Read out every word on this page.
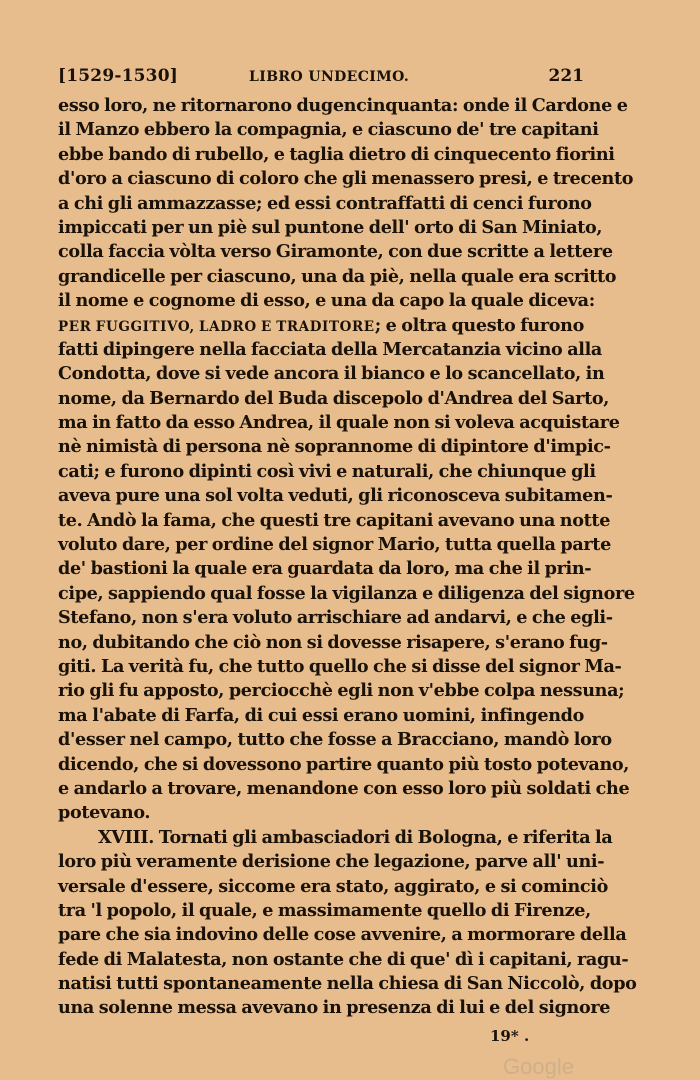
[1529-1530]	LIBRO UNDECIMO.	221
esso loro, ne ritornarono dugencinquanta: onde il Cardone e
il Manzo ebbero la compagnia, e ciascuno de' tre capitani
ebbe bando di rubello, e taglia dietro di cinquecento fiorini
d'oro a ciascuno di coloro che gli menassero presi, e trecento
a chi gli ammazzasse; ed essi contraffatti di cenci furono
impiccati per un piè sul puntone dell' orto di San Miniato,
colla faccia vòlta verso Giramonte, con due scritte a lettere
grandicelle per ciascuno, una da piè, nella quale era scritto
il nome e cognome di esso, e una da capo la quale diceva:
PER FUGGITIVO, LADRO E TRADITORE; e oltra questo furono
fatti dipingere nella facciata della Mercatanzia vicino alla
Condotta, dove si vede ancora il bianco e lo scancellato, in
nome, da Bernardo del Buda discepolo d'Andrea del Sarto,
ma in fatto da esso Andrea, il quale non si voleva acquistare
nè nimistà di persona nè soprannome di dipintore d'impic-
cati; e furono dipinti così vivi e naturali, che chiunque gli
aveva pure una sol volta veduti, gli riconosceva subitamen-
te. Andò la fama, che questi tre capitani avevano una notte
voluto dare, per ordine del signor Mario, tutta quella parte
de' bastioni la quale era guardata da loro, ma che il prin-
cipe, sappiendo qual fosse la vigilanza e diligenza del signore
Stefano, non s'era voluto arrischiare ad andarvi, e che egli-
no, dubitando che ciò non si dovesse risapere, s'erano fug-
giti. La verità fu, che tutto quello che si disse del signor Ma-
rio gli fu apposto, perciocchè egli non v'ebbe colpa nessuna;
ma l'abate di Farfa, di cui essi erano uomini, infingendo
d'esser nel campo, tutto che fosse a Bracciano, mandò loro
dicendo, che si dovessono partire quanto più tosto potevano,
e andarlo a trovare, menandone con esso loro più soldati che
potevano.
XVIII. Tornati gli ambasciadori di Bologna, e riferita la
loro più veramente derisione che legazione, parve all' uni-
versale d'essere, siccome era stato, aggirato, e si cominciò
tra 'l popolo, il quale, e massimamente quello di Firenze,
pare che sia indovino delle cose avvenire, a mormorare della
fede di Malatesta, non ostante che di que' dì i capitani, ragu-
natisi tutti spontaneamente nella chiesa di San Niccolò, dopo
una solenne messa avevano in presenza di lui e del signore
19* .
Google
